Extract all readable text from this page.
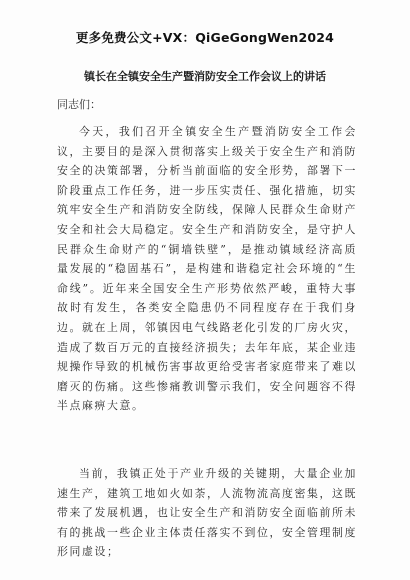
更多免费公文+VX：QiGeGongWen2024
镇长在全镇安全生产暨消防安全工作会议上的讲话
同志们：

今天，我们召开全镇安全生产暨消防安全工作会议，主要目的是深入贯彻落实上级关于安全生产和消防安全的决策部署，分析当前面临的安全形势，部署下一阶段重点工作任务，进一步压实责任、强化措施，切实筑牢安全生产和消防安全防线，保障人民群众生命财产安全和社会大局稳定。安全生产和消防安全，是守护人民群众生命财产的“铜墙铁壁”，是推动镇域经济高质量发展的“稳固基石”，是构建和谐稳定社会环境的“生命线”。近年来全国安全生产形势依然严峻，重特大事故时有发生，各类安全隐患仍不同程度存在于我们身边。就在上周，邻镇因电气线路老化引发的厂房火灾，造成了数百万元的直接经济损失；去年年底，某企业违规操作导致的机械伤害事故更给受害者家庭带来了难以磨灭的伤痛。这些惨痛教训警示我们，安全问题容不得半点麻痹大意。

当前，我镇正处于产业升级的关键期，大量企业加速生产，建筑工地如火如荼，人流物流高度密集，这既带来了发展机遇，也让安全生产和消防安全面临前所未有的挑战一些企业主体责任落实不到位，安全管理制度形同虚设；
